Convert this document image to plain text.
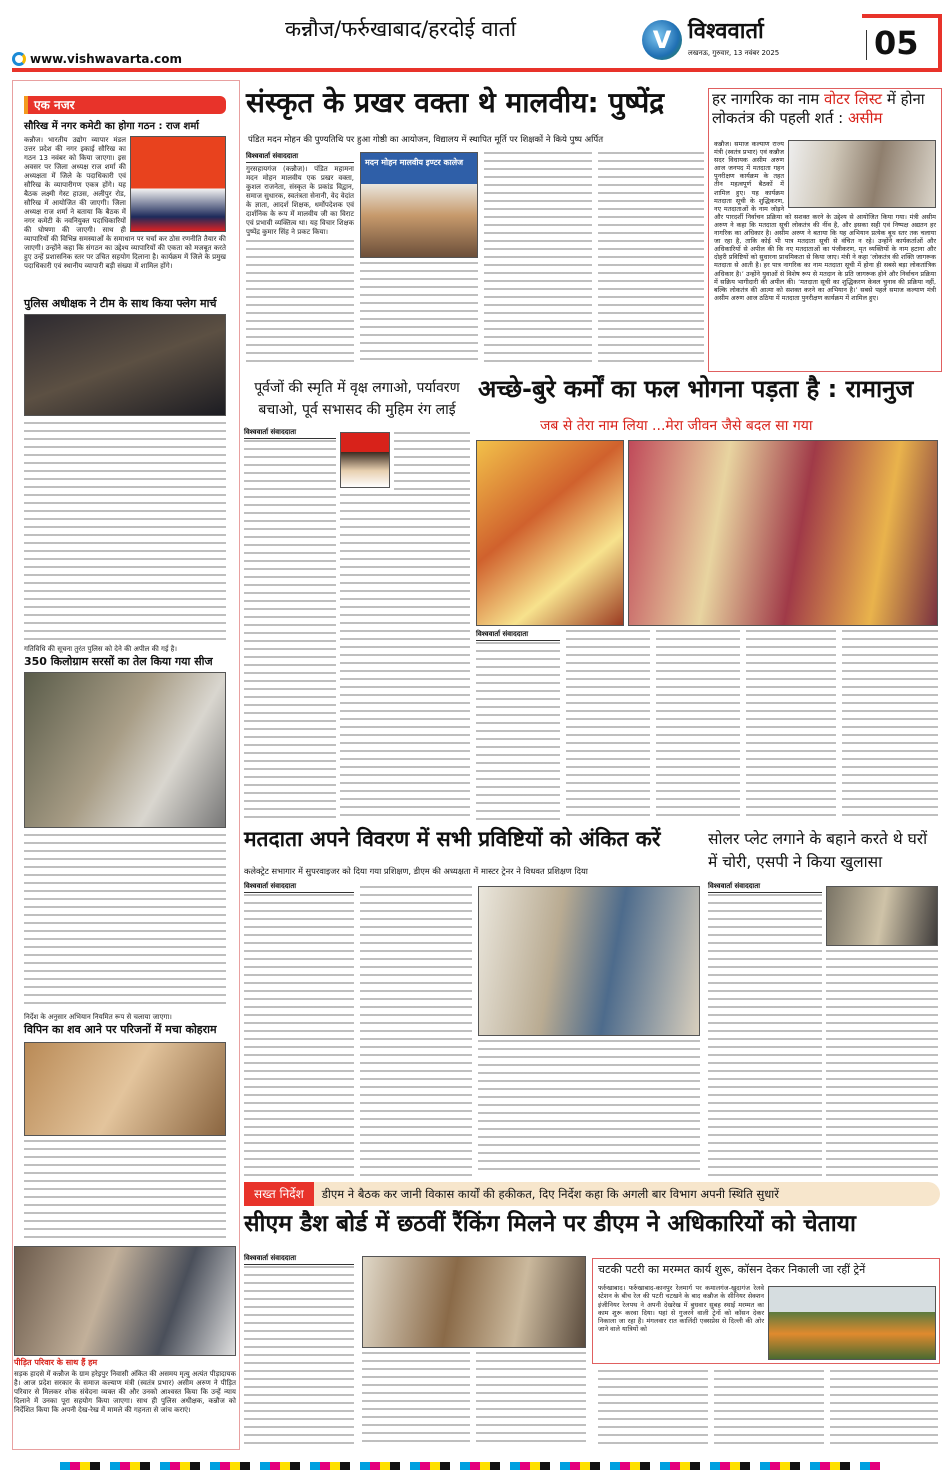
कन्नौज/फर्रुखाबाद/हरदोई वार्ता
www.vishwavarta.com
V विश्ववार्ता
लखनऊ, गुरुवार, 13 नवंबर 2025	05
एक नजर
सौरिख में नगर कमेटी का होगा गठन : राज शर्मा
कन्नौज। भारतीय उद्योग व्यापार मंडल उत्तर प्रदेश की नगर इकाई सौरिख का गठन 13 नवंबर को किया जाएगा। इस अवसर पर जिला अध्यक्ष राज शर्मा की अध्यक्षता में जिले के पदाधिकारी एवं सौरिख के व्यापारीगण एकत्र होंगे। यह बैठक लक्ष्मी गेस्ट हाउस, अलीपुर रोड, सौरिख में आयोजित की जाएगी। जिला अध्यक्ष राज शर्मा ने बताया कि बैठक में नगर कमेटी के नवनियुक्त पदाधिकारियों की घोषणा की जाएगी। साथ ही व्यापारियों की विभिन्न समस्याओं के समाधान पर चर्चा कर ठोस रणनीति तैयार की जाएगी। उन्होंने कहा कि संगठन का उद्देश्य व्यापारियों की एकता को मजबूत करते हुए उन्हें प्रशासनिक स्तर पर उचित सहयोग दिलाना है। कार्यक्रम में जिले के प्रमुख पदाधिकारी एवं स्थानीय व्यापारी बड़ी संख्या में शामिल होंगे।
पुलिस अधीक्षक ने टीम के साथ किया फ्लेग मार्च
गतिविधि की सूचना तुरंत पुलिस को देने की अपील की गई है।
350 किलोग्राम सरसों का तेल किया गया सीज
निर्देश के अनुसार अभियान नियमित रूप से चलाया जाएगा।
विपिन का शव आने पर परिजनों में मचा कोहराम
पीड़ित परिवार के साथ हैं हम
सड़क हादसे में कन्नौज के ग्राम हरेइपुर निवासी अंकित की असमय मृत्यु अत्यंत पीड़ादायक है। आज प्रदेश सरकार के समाज कल्याण मंत्री (स्वतंत्र प्रभार) असीम अरुण ने पीड़ित परिवार से मिलकर शोक संवेदना व्यक्त की और उनको आश्वस्त किया कि उन्हें न्याय दिलाने में उनका पूरा सहयोग किया जाएगा। साथ ही पुलिस अधीक्षक, कन्नौज को निर्देशित किया कि अपनी देख-रेख में मामले की गहनता से जांच कराएं।
संस्कृत के प्रखर वक्ता थे मालवीय: पुष्पेंद्र
पंडित मदन मोहन की पुण्यतिथि पर हुआ गोष्ठी का आयोजन, विद्यालय में स्थापित मूर्ति पर शिक्षकों ने किये पुष्प अर्पित
विश्ववार्ता संवाददाता
गुरसहायगंज (कन्नौज)। पंडित महामना मदन मोहन मालवीय एक प्रखर वक्ता, कुशल राजनेता, संस्कृत के प्रकांड विद्वान, समाज सुधारक, स्वतंत्रता सेनानी, वेद वेदांत के ज्ञाता, आदर्श शिक्षक, धर्मोपदेशक एवं दार्शनिक के रूप में मालवीय जी का विराट एवं प्रभावी व्यक्तित्व था। यह विचार शिक्षक पुष्पेंद्र कुमार सिंह ने प्रकट किया।
मदन मोहन मालवीय इण्टर कालेज
हर नागरिक का नाम वोटर लिस्ट में होना लोकतंत्र की पहली शर्त : असीम
कन्नौज। समाज कल्याण राज्य मंत्री (स्वतंत्र प्रभार) एवं कन्नौज सदर विधायक असीम अरुण आज जनपद में मतदाता गहन पुनरीक्षण कार्यक्रम के तहत तीन महत्वपूर्ण बैठकों में शामिल हुए। यह कार्यक्रम मतदाता सूची के शुद्धिकरण, नए मतदाताओं के नाम जोड़ने और पारदर्शी निर्वाचन प्रक्रिया को सशक्त करने के उद्देश्य से आयोजित किया गया। मंत्री असीम अरुण ने कहा कि मतदाता सूची लोकतंत्र की नींव है, और इसका सही एवं निष्पक्ष अद्यतन हर नागरिक का अधिकार है। असीम अरुण ने बताया कि यह अभियान प्रत्येक बूथ स्तर तक चलाया जा रहा है, ताकि कोई भी पात्र मतदाता सूची से वंचित न रहे। उन्होंने कार्यकर्ताओं और अधिकारियों से अपील की कि नए मतदाताओं का पंजीकरण, मृत व्यक्तियों के नाम हटाना और दोहरी प्रविष्टियों को सुधारना प्राथमिकता से किया जाए। मंत्री ने कहा ‘लोकतंत्र की शक्ति जागरूक मतदाता से आती है। हर पात्र नागरिक का नाम मतदाता सूची में होना ही सबसे बड़ा लोकतांत्रिक अधिकार है।’ उन्होंने युवाओं से विशेष रूप से मतदान के प्रति जागरूक होने और निर्वाचन प्रक्रिया में सक्रिय भागीदारी की अपील की। ‘मतदाता सूची का शुद्धिकरण केवल चुनाव की प्रक्रिया नहीं, बल्कि लोकतंत्र की आत्मा को सशक्त करने का अभियान है।’ सबसे पहले समाज कल्याण मंत्री असीम अरुण आज ठठिया में मतदाता पुनरीक्षण कार्यक्रम में शामिल हुए।
पूर्वजों की स्मृति में वृक्ष लगाओ, पर्यावरण बचाओ, पूर्व सभासद की मुहिम रंग लाई
विश्ववार्ता संवाददाता
अच्छे-बुरे कर्मों का फल भोगना पड़ता है : रामानुज
जब से तेरा नाम लिया ...मेरा जीवन जैसे बदल सा गया
विश्ववार्ता संवाददाता
मतदाता अपने विवरण में सभी प्रविष्टियों को अंकित करें
कलेक्ट्रेट सभागार में सुपरवाइजर को दिया गया प्रशिक्षण, डीएम की अध्यक्षता में मास्टर ट्रेनर ने विधवत प्रशिक्षण दिया
विश्ववार्ता संवाददाता
सोलर प्लेट लगाने के बहाने करते थे घरों में चोरी, एसपी ने किया खुलासा
विश्ववार्ता संवाददाता
सख्त निर्देश	डीएम ने बैठक कर जानी विकास कार्यों की हकीकत, दिए निर्देश कहा कि अगली बार विभाग अपनी स्थिति सुधारें
सीएम डैश बोर्ड में छठवीं रैंकिंग मिलने पर डीएम ने अधिकारियों को चेताया
विश्ववार्ता संवाददाता
चटकी पटरी का मरम्मत कार्य शुरू, कॉसन देकर निकाली जा रहीं ट्रेनें
फर्रुखाबाद। फर्रुखाबाद-कानपुर रेलमार्ग पर कमालगंज-खुदागंज रेलवे स्टेशन के बीच रेल की पटरी चटखने के बाद कन्नौज के सीनियर सेक्शन इंजीनियर रेलपथ ने अपनी देखरेख में बुधवार सुबह स्थाई मरम्मत का काम शुरू करवा दिया। यहां से गुजरने वाली ट्रेनों को कॉसन देकर निकाला जा रहा है। मंगलवार रात कालिंदी एक्सप्रेस से दिल्ली की ओर जाने वाले यात्रियों को
